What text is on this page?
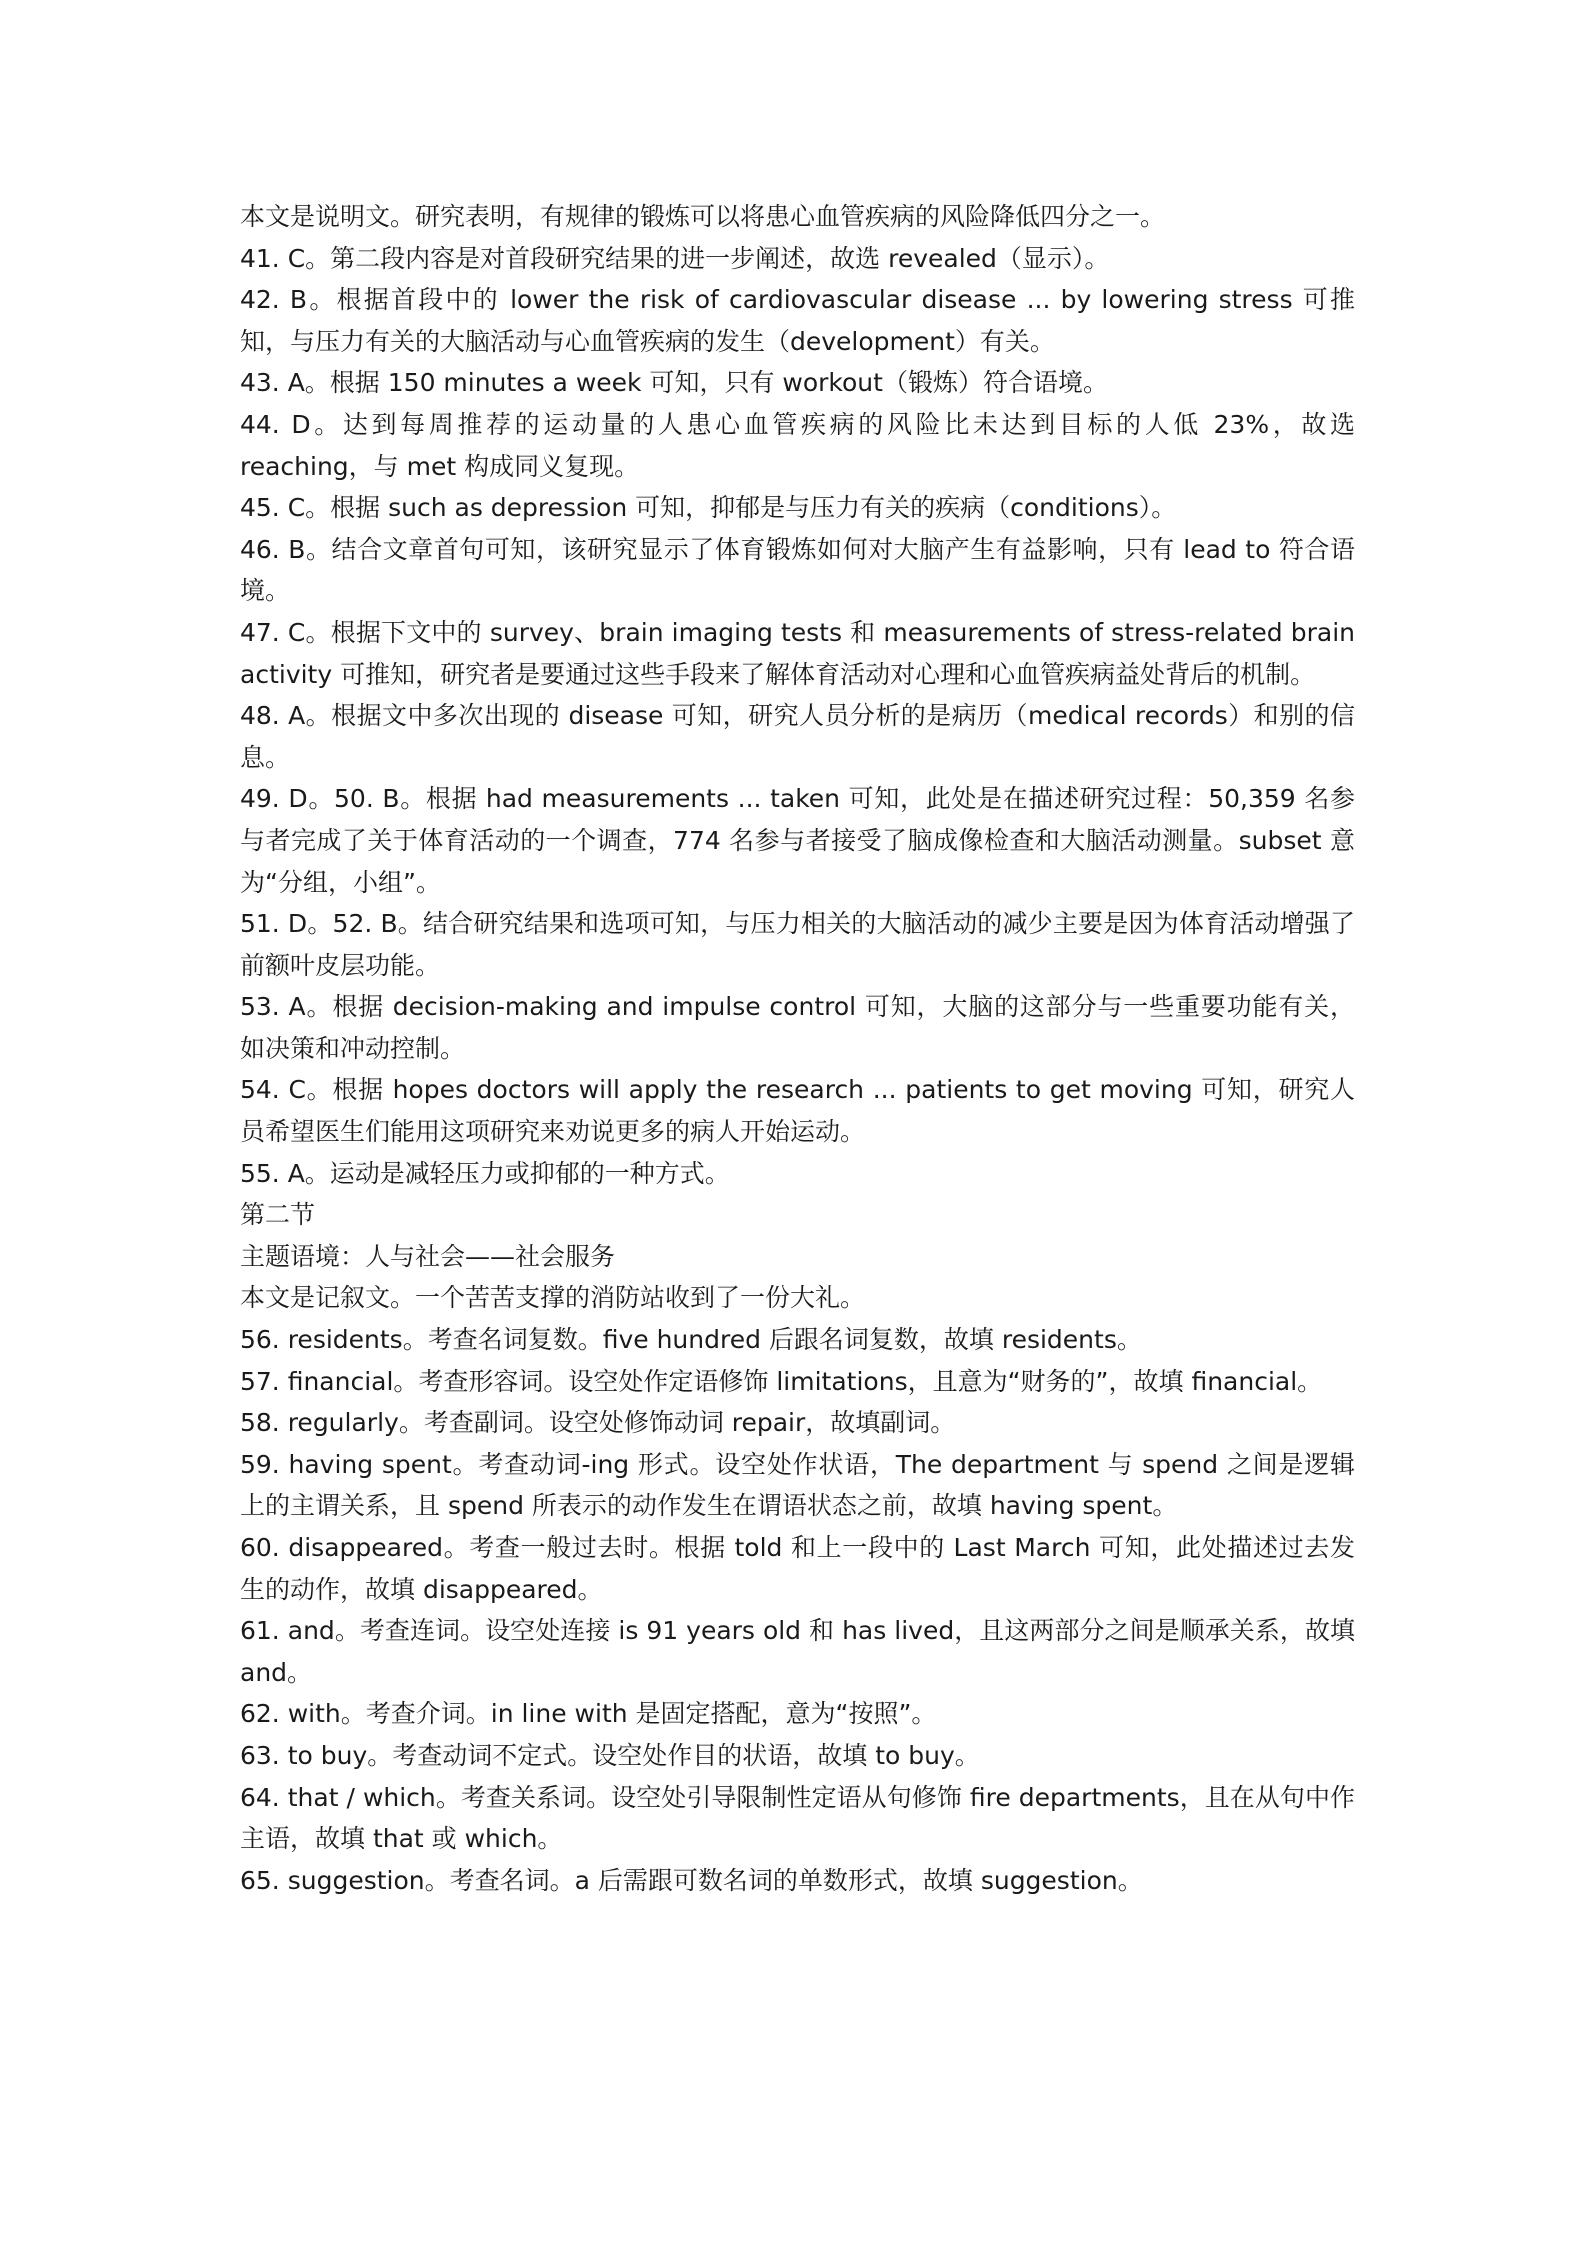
本文是说明文。研究表明，有规律的锻炼可以将患心血管疾病的风险降低四分之一。

41. C。第二段内容是对首段研究结果的进一步阐述，故选 revealed（显示）。

42. B。根据首段中的 lower the risk of cardiovascular disease ... by lowering stress 可推知，与压力有关的大脑活动与心血管疾病的发生（development）有关。

43. A。根据 150 minutes a week 可知，只有 workout（锻炼）符合语境。

44. D。达到每周推荐的运动量的人患心血管疾病的风险比未达到目标的人低 23%，故选 reaching，与 met 构成同义复现。

45. C。根据 such as depression 可知，抑郁是与压力有关的疾病（conditions）。

46. B。结合文章首句可知，该研究显示了体育锻炼如何对大脑产生有益影响，只有 lead to 符合语境。

47. C。根据下文中的 survey、brain imaging tests 和 measurements of stress-related brain activity 可推知，研究者是要通过这些手段来了解体育活动对心理和心血管疾病益处背后的机制。

48. A。根据文中多次出现的 disease 可知，研究人员分析的是病历（medical records）和别的信息。

49. D。50. B。根据 had measurements ... taken 可知，此处是在描述研究过程：50,359 名参与者完成了关于体育活动的一个调查，774 名参与者接受了脑成像检查和大脑活动测量。subset 意为“分组，小组”。

51. D。52. B。结合研究结果和选项可知，与压力相关的大脑活动的减少主要是因为体育活动增强了前额叶皮层功能。

53. A。根据 decision-making and impulse control 可知，大脑的这部分与一些重要功能有关，如决策和冲动控制。

54. C。根据 hopes doctors will apply the research ... patients to get moving 可知，研究人员希望医生们能用这项研究来劝说更多的病人开始运动。

55. A。运动是减轻压力或抑郁的一种方式。

第二节

主题语境：人与社会——社会服务

本文是记叙文。一个苦苦支撑的消防站收到了一份大礼。

56. residents。考查名词复数。five hundred 后跟名词复数，故填 residents。

57. financial。考查形容词。设空处作定语修饰 limitations，且意为“财务的”，故填 financial。

58. regularly。考查副词。设空处修饰动词 repair，故填副词。

59. having spent。考查动词-ing 形式。设空处作状语，The department 与 spend 之间是逻辑上的主谓关系，且 spend 所表示的动作发生在谓语状态之前，故填 having spent。

60. disappeared。考查一般过去时。根据 told 和上一段中的 Last March 可知，此处描述过去发生的动作，故填 disappeared。

61. and。考查连词。设空处连接 is 91 years old 和 has lived，且这两部分之间是顺承关系，故填 and。

62. with。考查介词。in line with 是固定搭配，意为“按照”。

63. to buy。考查动词不定式。设空处作目的状语，故填 to buy。

64. that / which。考查关系词。设空处引导限制性定语从句修饰 fire departments，且在从句中作主语，故填 that 或 which。

65. suggestion。考查名词。a 后需跟可数名词的单数形式，故填 suggestion。
